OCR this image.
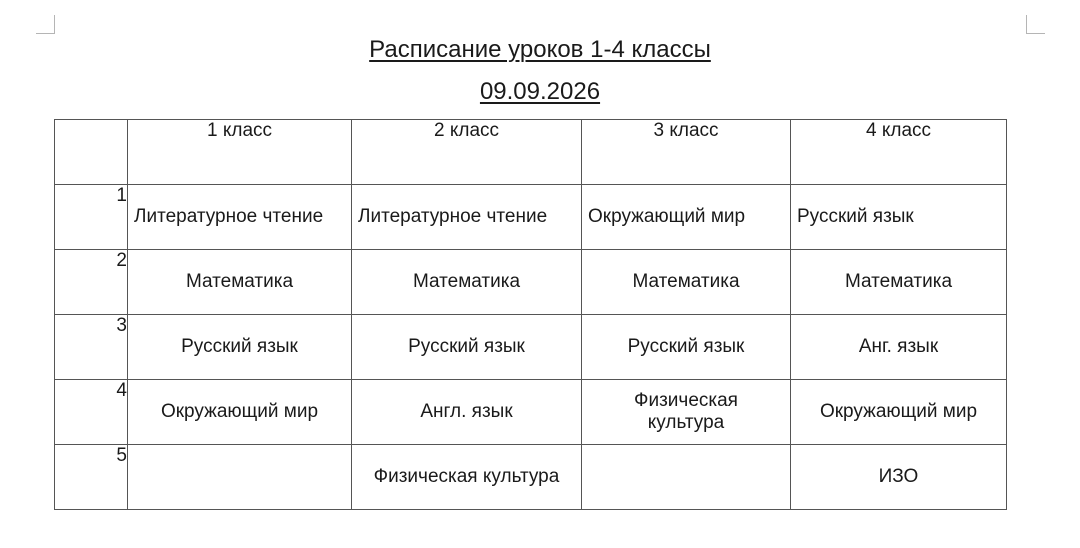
Расписание уроков 1-4 классы
09.09.2026
	1 класс	2 класс	3 класс	4 класс
1	Литературное чтение	Литературное чтение	Окружающий мир	Русский язык
2	Математика	Математика	Математика	Математика
3	Русский язык	Русский язык	Русский язык	Анг. язык
4	Окружающий мир	Англ. язык	Физическая культура	Окружающий мир
5		Физическая культура		ИЗО
